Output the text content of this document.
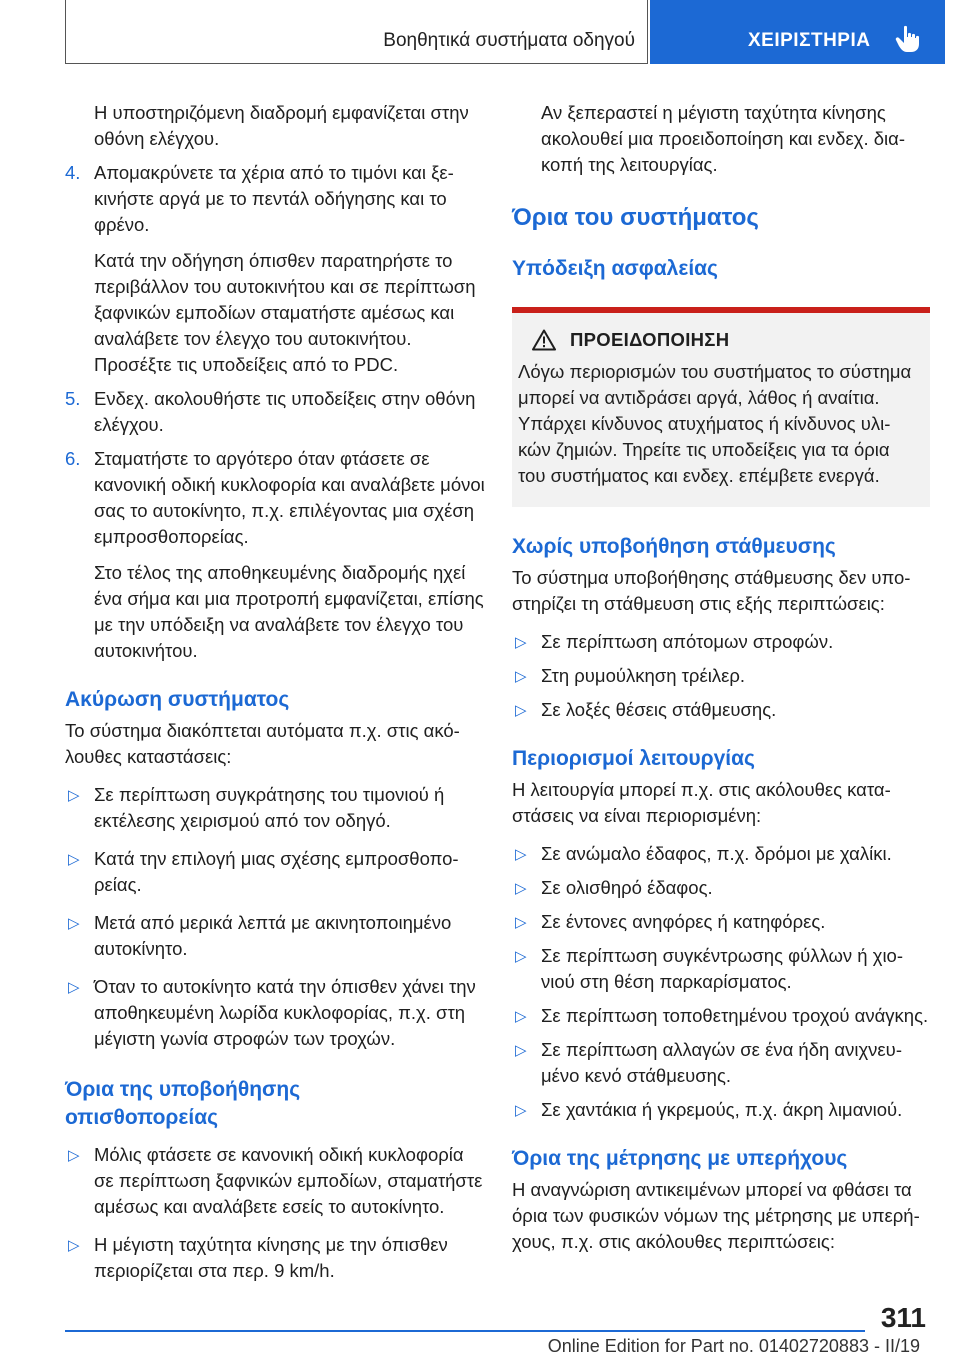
Βοηθητικά συστήματα οδηγού	ΧΕΙΡΙΣΤΗΡΙΑ

Η υποστηριζόμενη διαδρομή εμφανίζεται στην οθόνη ελέγχου.

4. Απομακρύνετε τα χέρια από το τιμόνι και ξεκινήστε αργά με το πεντάλ οδήγησης και το φρένο.

Κατά την οδήγηση όπισθεν παρατηρήστε το περιβάλλον του αυτοκινήτου και σε περίπτωση ξαφνικών εμποδίων σταματήστε αμέσως και αναλάβετε τον έλεγχο του αυτοκινήτου. Προσέξτε τις υποδείξεις από το PDC.

5. Ενδεχ. ακολουθήστε τις υποδείξεις στην οθόνη ελέγχου.

6. Σταματήστε το αργότερο όταν φτάσετε σε κανονική οδική κυκλοφορία και αναλάβετε μόνοι σας το αυτοκίνητο, π.χ. επιλέγοντας μια σχέση εμπροσθοπορείας.

Στο τέλος της αποθηκευμένης διαδρομής ηχεί ένα σήμα και μια προτροπή εμφανίζεται, επίσης με την υπόδειξη να αναλάβετε τον έλεγχο του αυτοκινήτου.

Ακύρωση συστήματος

Το σύστημα διακόπτεται αυτόματα π.χ. στις ακόλουθες καταστάσεις:

▷ Σε περίπτωση συγκράτησης του τιμονιού ή εκτέλεσης χειρισμού από τον οδηγό.

▷ Κατά την επιλογή μιας σχέσης εμπροσθοπορείας.

▷ Μετά από μερικά λεπτά με ακινητοποιημένο αυτοκίνητο.

▷ Όταν το αυτοκίνητο κατά την όπισθεν χάνει την αποθηκευμένη λωρίδα κυκλοφορίας, π.χ. στη μέγιστη γωνία στροφών των τροχών.

Όρια της υποβοήθησης
οπισθοπορείας
▷ Μόλις φτάσετε σε κανονική οδική κυκλοφορία σε περίπτωση ξαφνικών εμποδίων, σταματήστε αμέσως και αναλάβετε εσείς το αυτοκίνητο.

▷ Η μέγιστη ταχύτητα κίνησης με την όπισθεν περιορίζεται στα περ. 9 km/h.

Αν ξεπεραστεί η μέγιστη ταχύτητα κίνησης ακολουθεί μια προειδοποίηση και ενδεχ. διακοπή της λειτουργίας.

Όρια του συστήματος
Υπόδειξη ασφαλείας
ΠΡΟΕΙΔΟΠΟΙΗΣΗ

Λόγω περιορισμών του συστήματος το σύστημα μπορεί να αντιδράσει αργά, λάθος ή αναίτια. Υπάρχει κίνδυνος ατυχήματος ή κίνδυνος υλικών ζημιών. Τηρείτε τις υποδείξεις για τα όρια του συστήματος και ενδεχ. επέμβετε ενεργά.

Χωρίς υποβοήθηση στάθμευσης

Το σύστημα υποβοήθησης στάθμευσης δεν υποστηρίζει τη στάθμευση στις εξής περιπτώσεις:

▷ Σε περίπτωση απότομων στροφών.

▷ Στη ρυμούλκηση τρέιλερ.

▷ Σε λοξές θέσεις στάθμευσης.

Περιορισμοί λειτουργίας

Η λειτουργία μπορεί π.χ. στις ακόλουθες καταστάσεις να είναι περιορισμένη:

▷ Σε ανώμαλο έδαφος, π.χ. δρόμοι με χαλίκι.

▷ Σε ολισθηρό έδαφος.

▷ Σε έντονες ανηφόρες ή κατηφόρες.

▷ Σε περίπτωση συγκέντρωσης φύλλων ή χιονιού στη θέση παρκαρίσματος.

▷ Σε περίπτωση τοποθετημένου τροχού ανάγκης.

▷ Σε περίπτωση αλλαγών σε ένα ήδη ανιχνευμένο κενό στάθμευσης.

▷ Σε χαντάκια ή γκρεμούς, π.χ. άκρη λιμανιού.

Όρια της μέτρησης με υπερήχους

Η αναγνώριση αντικειμένων μπορεί να φθάσει τα όρια των φυσικών νόμων της μέτρησης με υπερήχους, π.χ. στις ακόλουθες περιπτώσεις:

311
Online Edition for Part no. 01402720883 - II/19
